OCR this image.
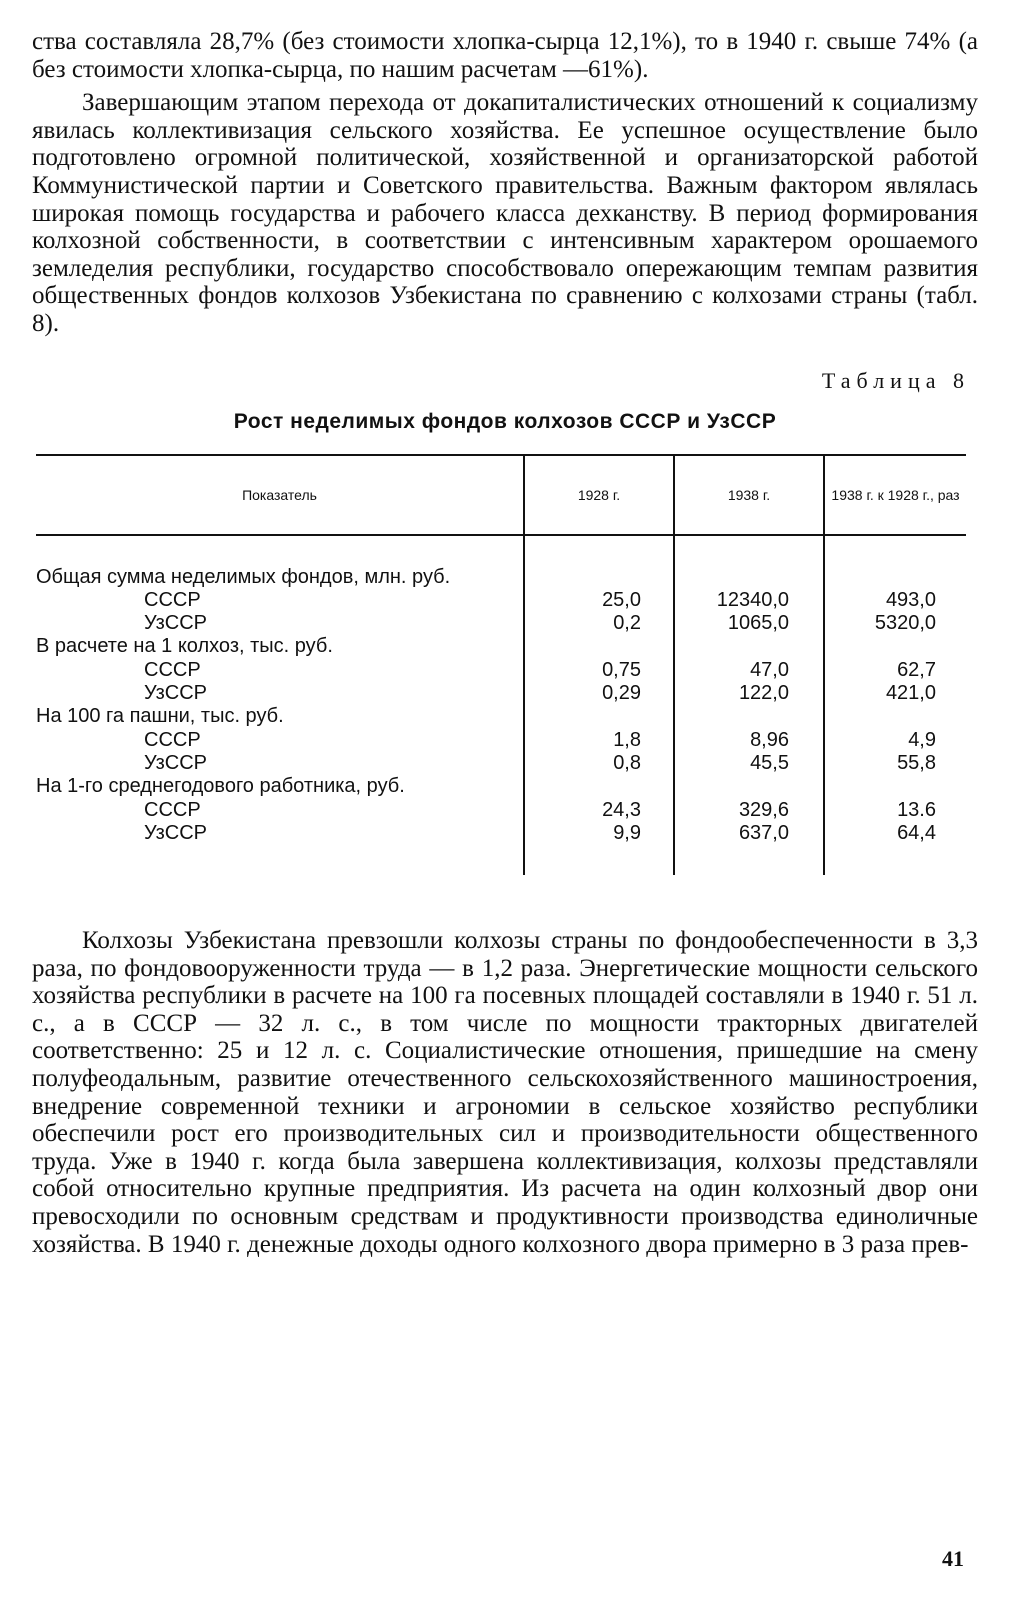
ства составляла 28,7% (без стоимости хлопка-сырца 12,1%), то в 1940 г. свыше 74% (а без стоимости хлопка-сырца, по нашим расчетам —61%).

Завершающим этапом перехода от докапиталистических отношений к социализму явилась коллективизация сельского хозяйства. Ее успешное осуществление было подготовлено огромной политической, хозяйственной и организаторской работой Коммунистической партии и Советского правительства. Важным фактором являлась широкая помощь государства и рабочего класса дехканству. В период формирования колхозной собственности, в соответствии с интенсивным характером орошаемого земледелия республики, государство способствовало опережающим темпам развития общественных фондов колхозов Узбекистана по сравнению с колхозами страны (табл. 8).

Таблица 8
Рост неделимых фондов колхозов СССР и УзССР
Показатель	1928 г.	1938 г.	1938 г. к 1928 г., раз

Общая сумма неделимых фондов, млн. руб.			
СССР	25,0	12340,0	493,0
УзССР	0,2	1065,0	5320,0
В расчете на 1 колхоз, тыс. руб.			
СССР	0,75	47,0	62,7
УзССР	0,29	122,0	421,0
На 100 га пашни, тыс. руб.			
СССР	1,8	8,96	4,9
УзССР	0,8	45,5	55,8
На 1-го среднегодового работника, руб.			
СССР	24,3	329,6	13.6
УзССР	9,9	637,0	64,4

Колхозы Узбекистана превзошли колхозы страны по фондообеспеченности в 3,3 раза, по фондовооруженности труда — в 1,2 раза. Энергетические мощности сельского хозяйства республики в расчете на 100 га посевных площадей составляли в 1940 г. 51 л. с., а в СССР — 32 л. с., в том числе по мощности тракторных двигателей соответственно: 25 и 12 л. с. Социалистические отношения, пришедшие на смену полуфеодальным, развитие отечественного сельскохозяйственного машиностроения, внедрение современной техники и агрономии в сельское хозяйство республики обеспечили рост его производительных сил и производительности общественного труда. Уже в 1940 г. когда была завершена коллективизация, колхозы представляли собой относительно крупные предприятия. Из расчета на один колхозный двор они превосходили по основным средствам и продуктивности производства единоличные хозяйства. В 1940 г. денежные доходы одного колхозного двора примерно в 3 раза прев-

41
